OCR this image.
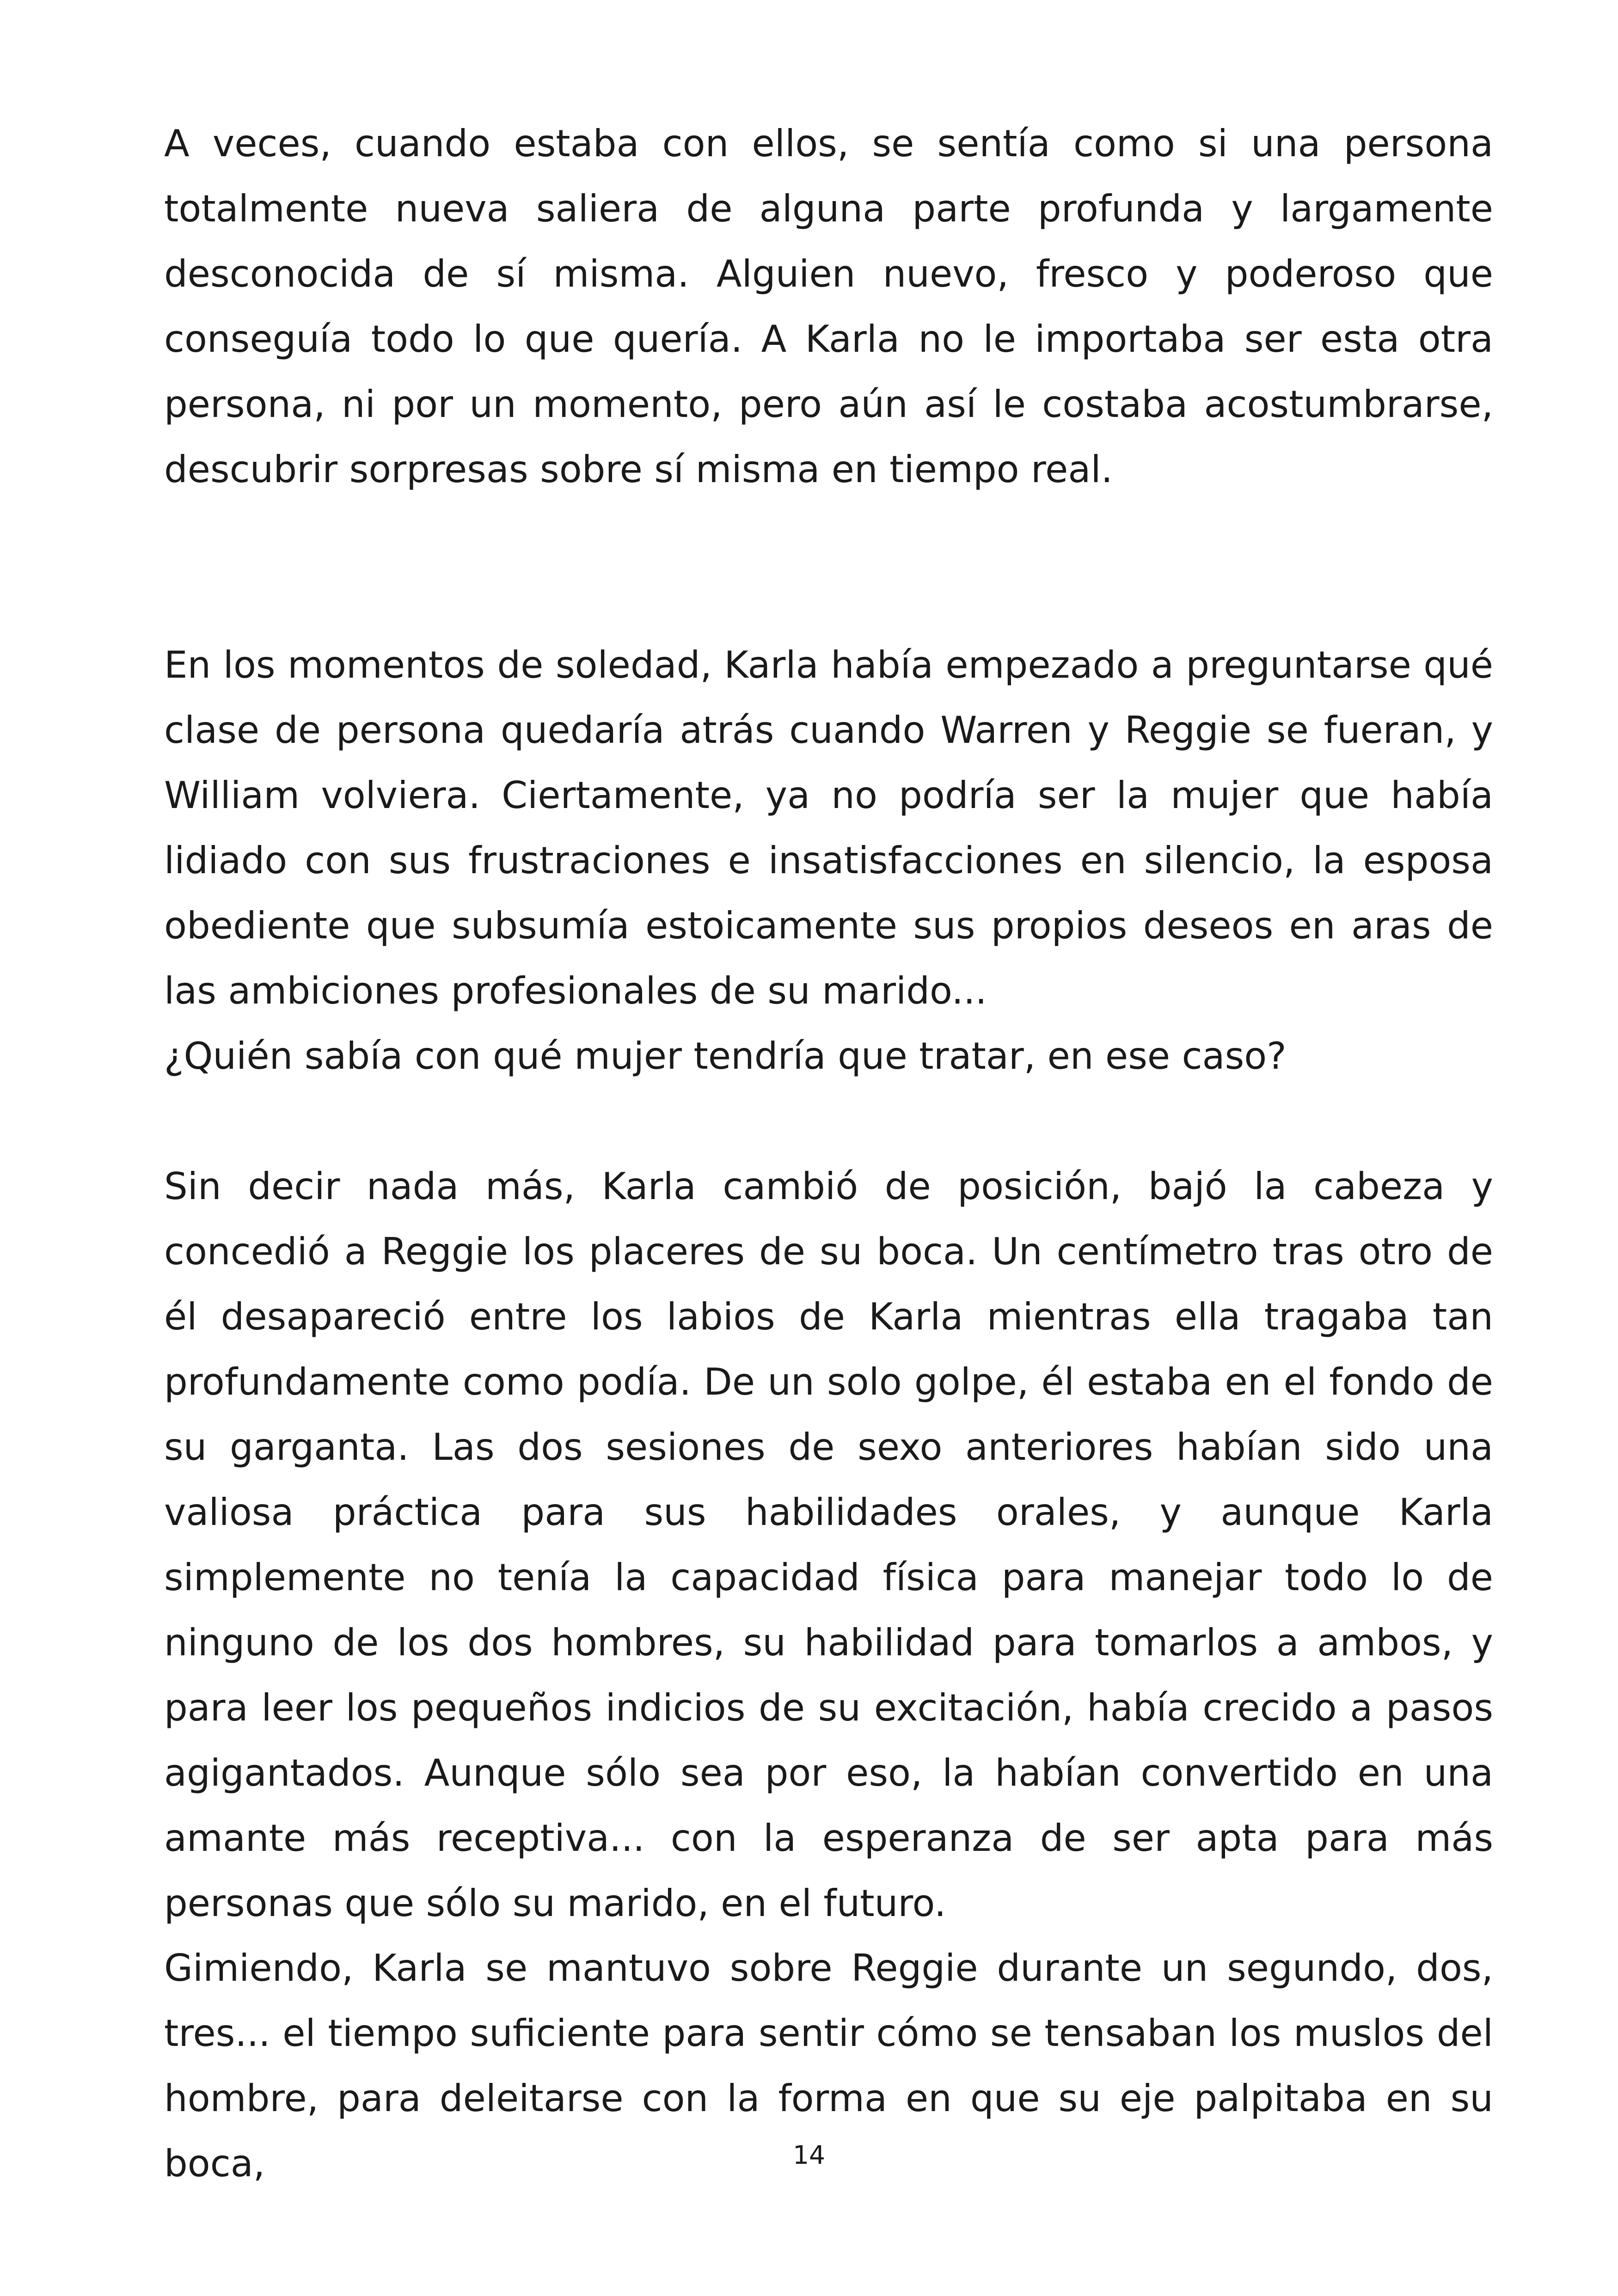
A veces, cuando estaba con ellos, se sentía como si una persona totalmente nueva saliera de alguna parte profunda y largamente desconocida de sí misma. Alguien nuevo, fresco y poderoso que conseguía todo lo que quería. A Karla no le importaba ser esta otra persona, ni por un momento, pero aún así le costaba acostumbrarse, descubrir sorpresas sobre sí misma en tiempo real.

En los momentos de soledad, Karla había empezado a preguntarse qué clase de persona quedaría atrás cuando Warren y Reggie se fueran, y William volviera. Ciertamente, ya no podría ser la mujer que había lidiado con sus frustraciones e insatisfacciones en silencio, la esposa obediente que subsumía estoicamente sus propios deseos en aras de las ambiciones profesionales de su marido...

¿Quién sabía con qué mujer tendría que tratar, en ese caso?

Sin decir nada más, Karla cambió de posición, bajó la cabeza y concedió a Reggie los placeres de su boca. Un centímetro tras otro de él desapareció entre los labios de Karla mientras ella tragaba tan profundamente como podía. De un solo golpe, él estaba en el fondo de su garganta. Las dos sesiones de sexo anteriores habían sido una valiosa práctica para sus habilidades orales, y aunque Karla simplemente no tenía la capacidad física para manejar todo lo de ninguno de los dos hombres, su habilidad para tomarlos a ambos, y para leer los pequeños indicios de su excitación, había crecido a pasos agigantados. Aunque sólo sea por eso, la habían convertido en una amante más receptiva... con la esperanza de ser apta para más personas que sólo su marido, en el futuro.

Gimiendo, Karla se mantuvo sobre Reggie durante un segundo, dos, tres... el tiempo suficiente para sentir cómo se tensaban los muslos del hombre, para deleitarse con la forma en que su eje palpitaba en su boca,	14
